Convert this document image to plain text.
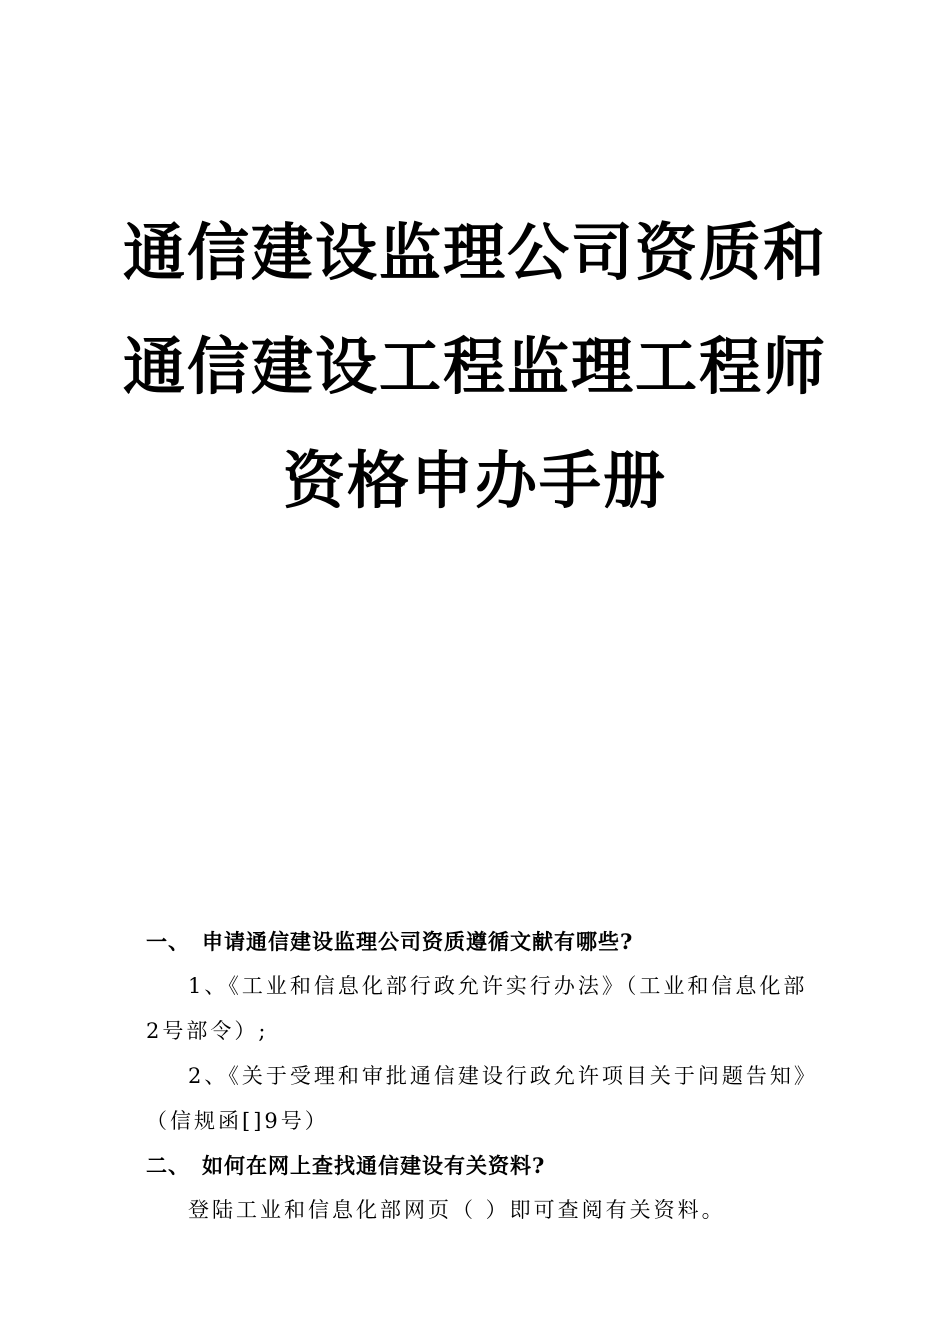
通信建设监理公司资质和
通信建设工程监理工程师
资格申办手册
一、 申请通信建设监理公司资质遵循文献有哪些?
1、《工业和信息化部行政允许实行办法》（工业和信息化部 2号部令）;
2、《关于受理和审批通信建设行政允许项目关于问题告知》（信规函[]9号）
二、 如何在网上查找通信建设有关资料?
登陆工业和信息化部网页（ ）即可查阅有关资料。
